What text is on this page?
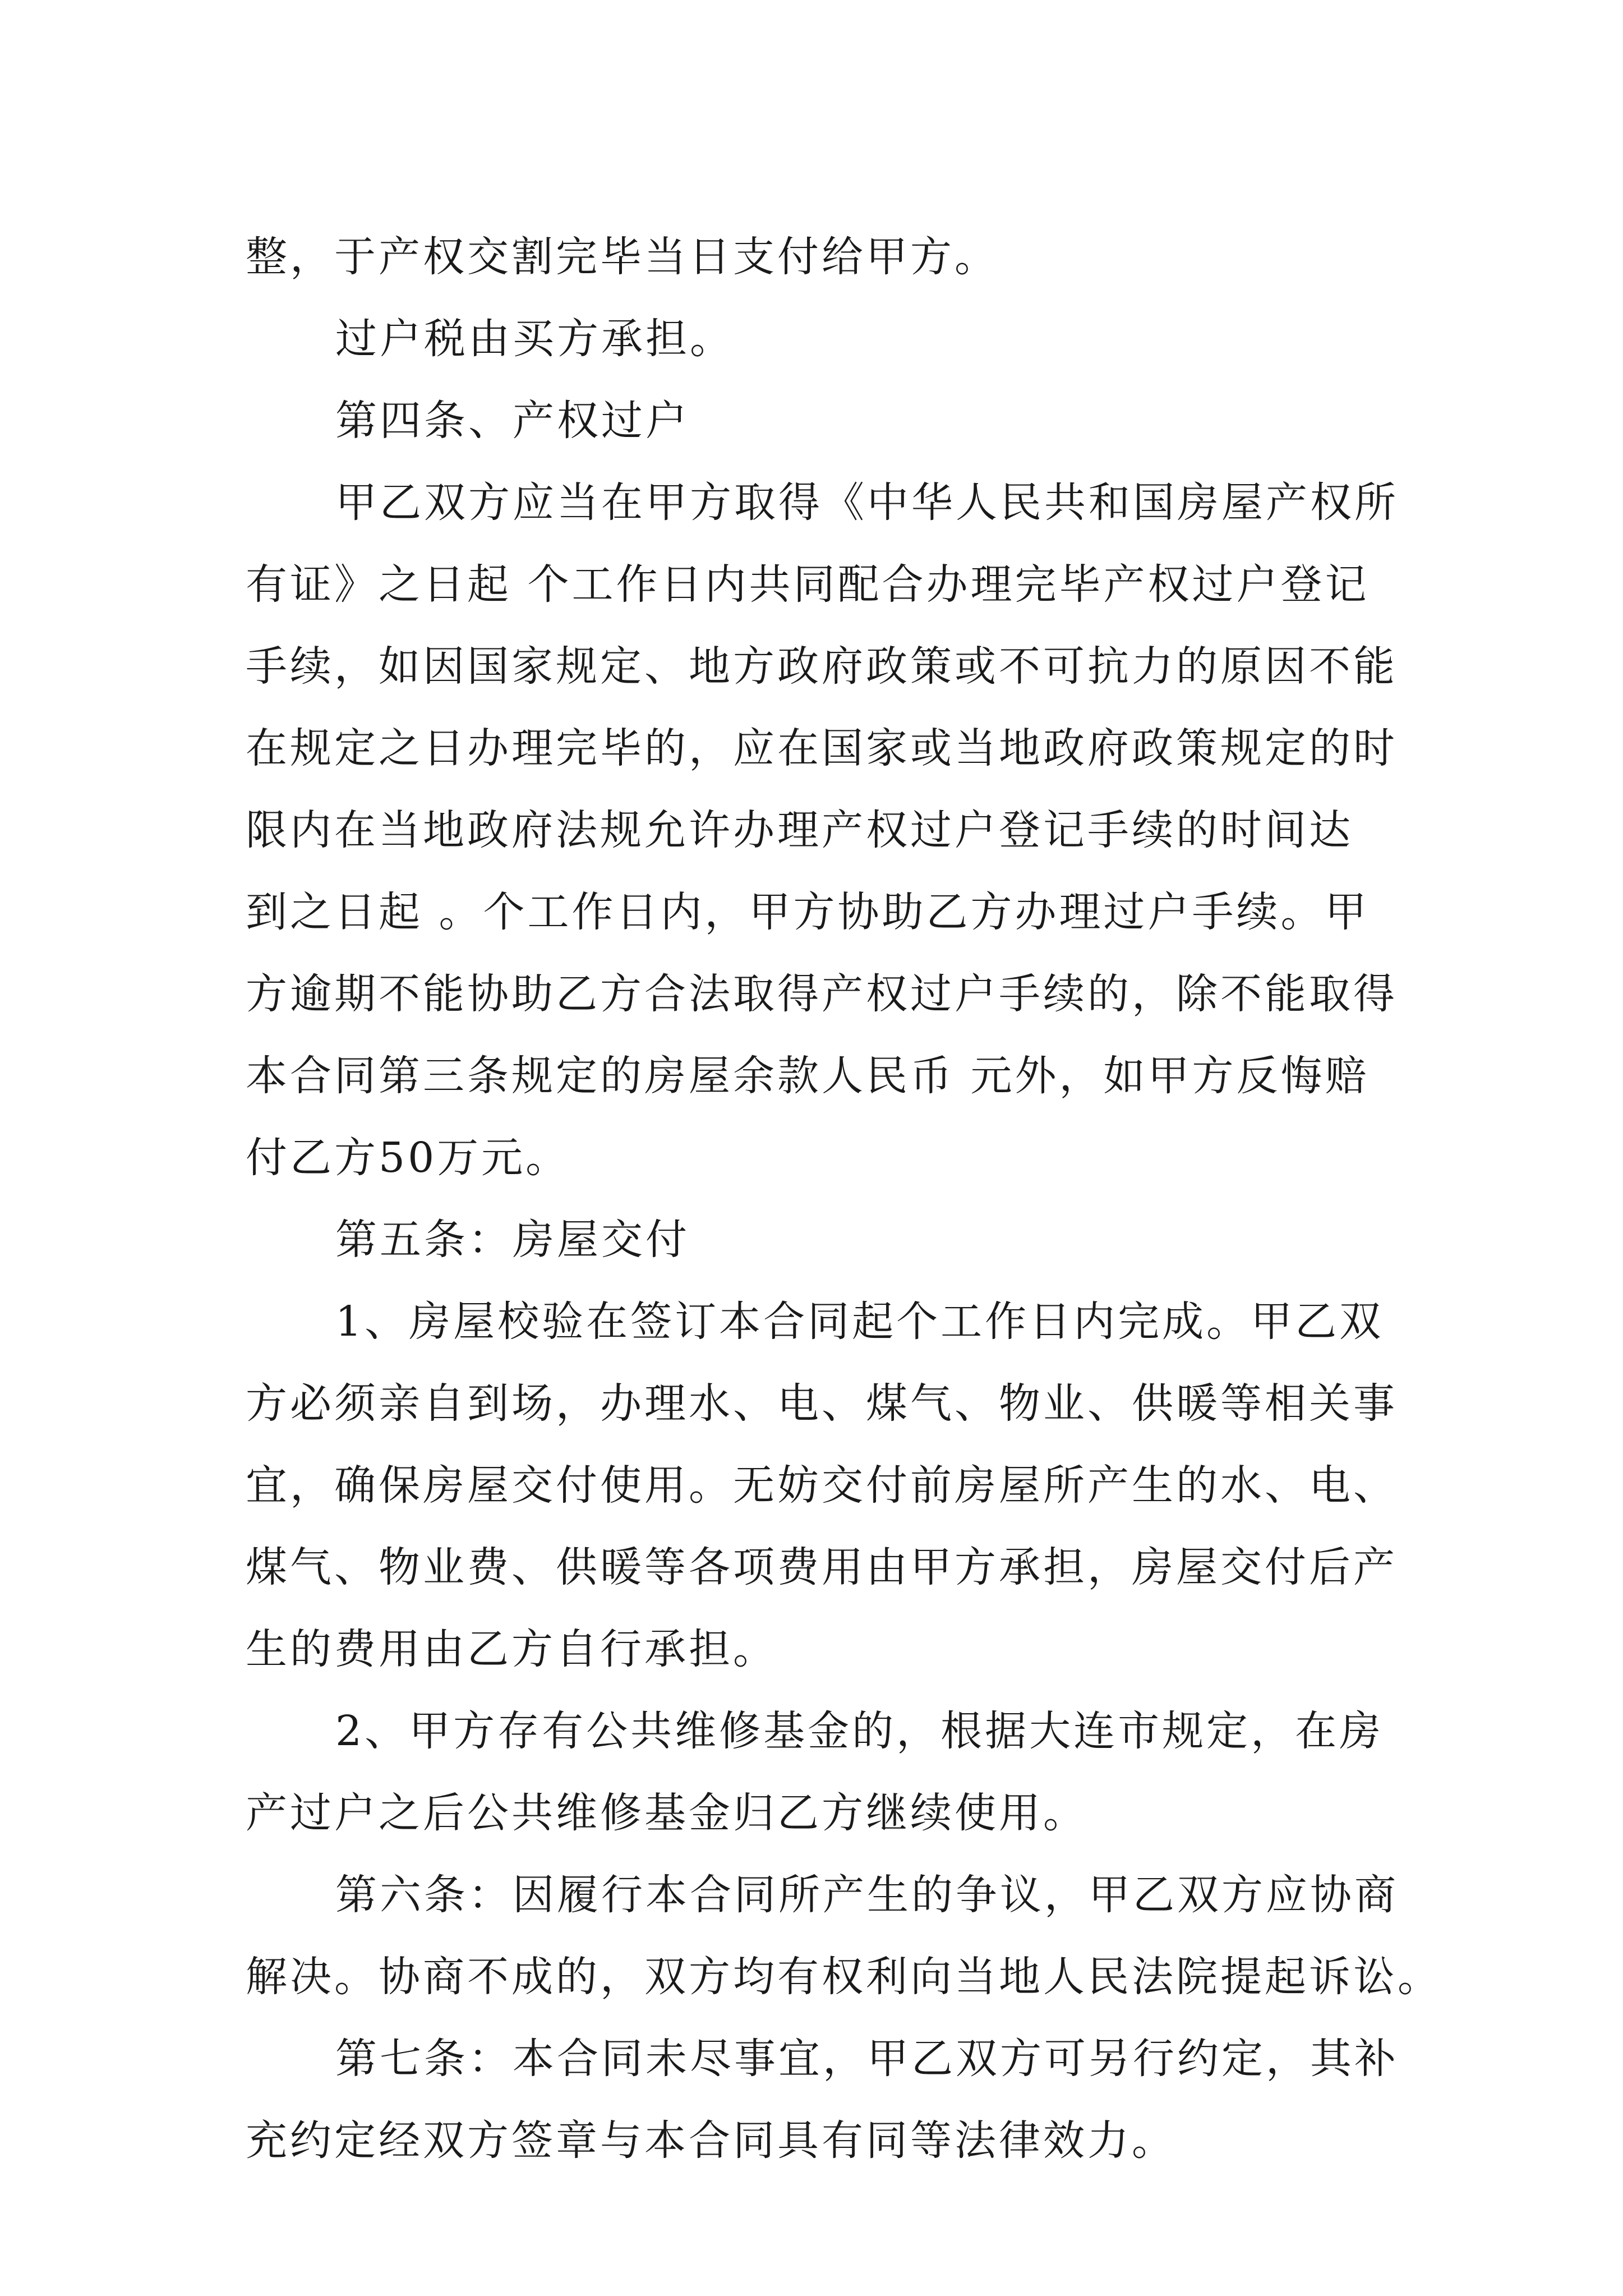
整，于产权交割完毕当日支付给甲方。
过户税由买方承担。
第四条、产权过户
甲乙双方应当在甲方取得《中华人民共和国房屋产权所
有证》之日起 个工作日内共同配合办理完毕产权过户登记
手续，如因国家规定、地方政府政策或不可抗力的原因不能
在规定之日办理完毕的，应在国家或当地政府政策规定的时
限内在当地政府法规允许办理产权过户登记手续的时间达
到之日起 。个工作日内，甲方协助乙方办理过户手续。甲
方逾期不能协助乙方合法取得产权过户手续的，除不能取得
本合同第三条规定的房屋余款人民币 元外，如甲方反悔赔
付乙方50万元。
第五条：房屋交付
1、房屋校验在签订本合同起个工作日内完成。甲乙双
方必须亲自到场，办理水、电、煤气、物业、供暖等相关事
宜，确保房屋交付使用。无妨交付前房屋所产生的水、电、
煤气、物业费、供暖等各项费用由甲方承担，房屋交付后产
生的费用由乙方自行承担。
2、甲方存有公共维修基金的，根据大连市规定，在房
产过户之后公共维修基金归乙方继续使用。
第六条：因履行本合同所产生的争议，甲乙双方应协商
解决。协商不成的，双方均有权利向当地人民法院提起诉讼。
第七条：本合同未尽事宜，甲乙双方可另行约定，其补
充约定经双方签章与本合同具有同等法律效力。
